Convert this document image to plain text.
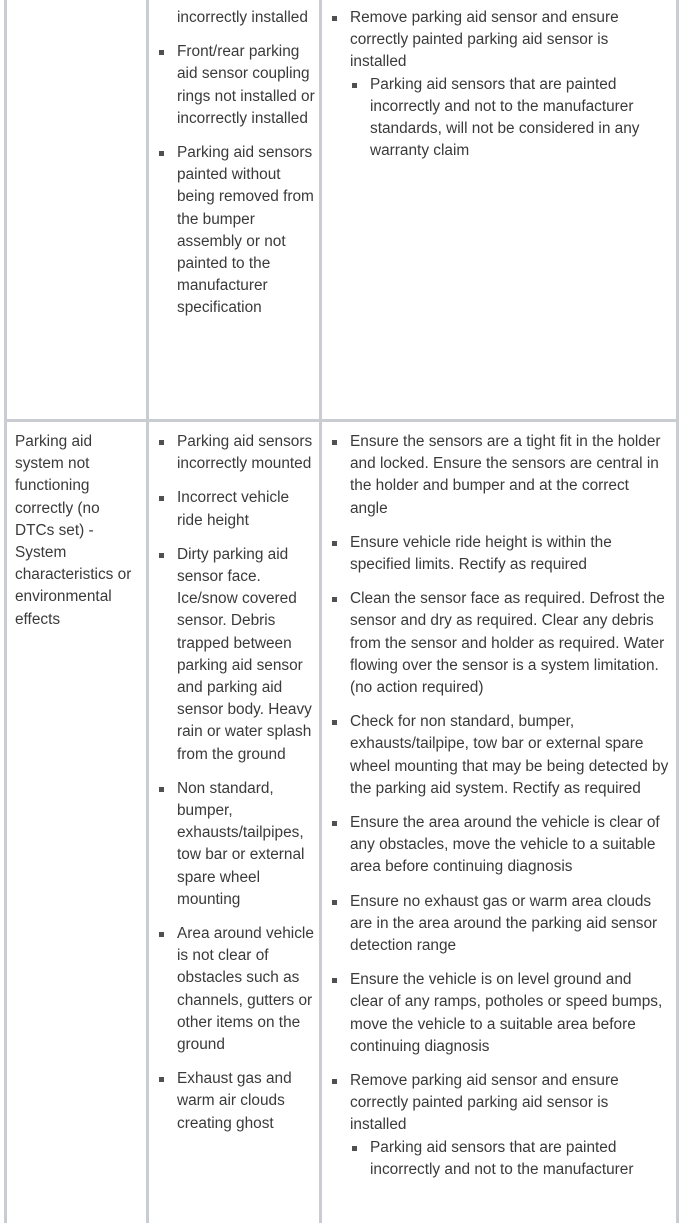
incorrectly installed
Front/rear parking aid sensor coupling rings not installed or incorrectly installed
Parking aid sensors painted without being removed from the bumper assembly or not painted to the manufacturer specification
Remove parking aid sensor and ensure correctly painted parking aid sensor is installed
Parking aid sensors that are painted incorrectly and not to the manufacturer standards, will not be considered in any warranty claim
Parking aid system not functioning correctly (no DTCs set) - System characteristics or environmental effects
Parking aid sensors incorrectly mounted
Incorrect vehicle ride height
Dirty parking aid sensor face. Ice/snow covered sensor. Debris trapped between parking aid sensor and parking aid sensor body. Heavy rain or water splash from the ground
Non standard, bumper, exhausts/tailpipes, tow bar or external spare wheel mounting
Area around vehicle is not clear of obstacles such as channels, gutters or other items on the ground
Exhaust gas and warm air clouds creating ghost
Ensure the sensors are a tight fit in the holder and locked. Ensure the sensors are central in the holder and bumper and at the correct angle
Ensure vehicle ride height is within the specified limits. Rectify as required
Clean the sensor face as required. Defrost the sensor and dry as required. Clear any debris from the sensor and holder as required. Water flowing over the sensor is a system limitation. (no action required)
Check for non standard, bumper, exhausts/tailpipe, tow bar or external spare wheel mounting that may be being detected by the parking aid system. Rectify as required
Ensure the area around the vehicle is clear of any obstacles, move the vehicle to a suitable area before continuing diagnosis
Ensure no exhaust gas or warm area clouds are in the area around the parking aid sensor detection range
Ensure the vehicle is on level ground and clear of any ramps, potholes or speed bumps, move the vehicle to a suitable area before continuing diagnosis
Remove parking aid sensor and ensure correctly painted parking aid sensor is installed
Parking aid sensors that are painted incorrectly and not to the manufacturer
